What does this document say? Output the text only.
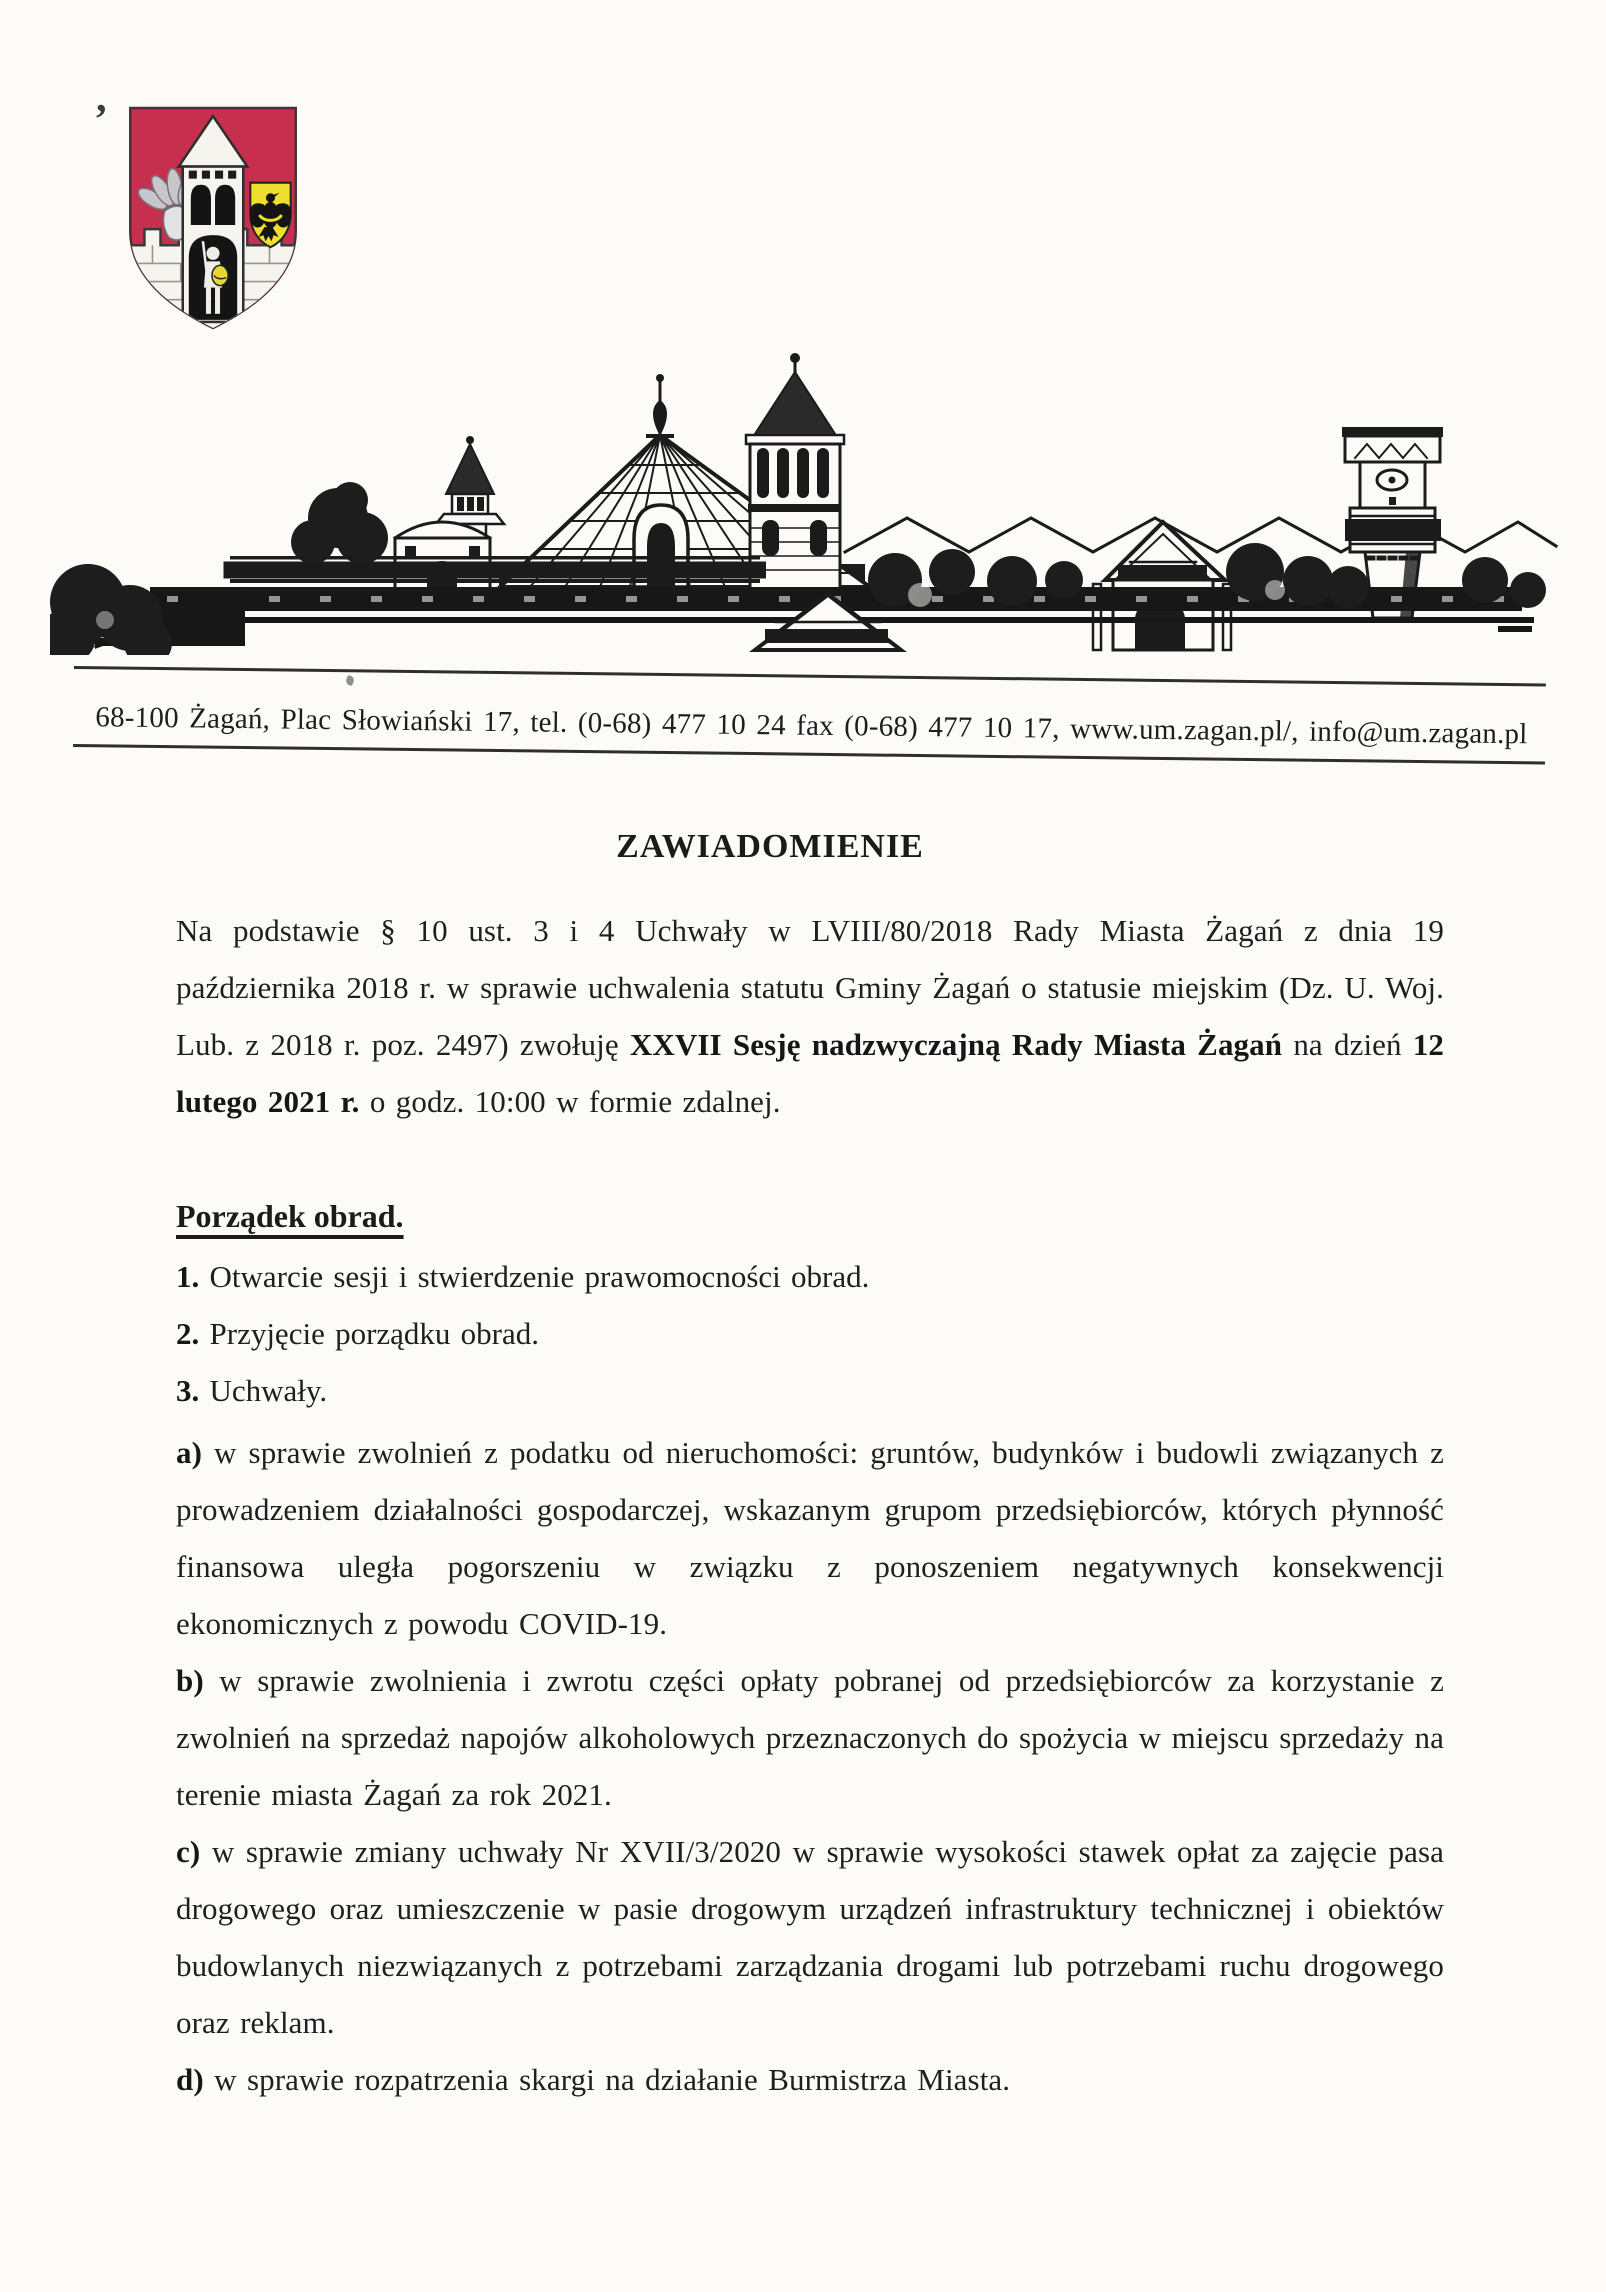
’
68-100 Żagań, Plac Słowiański 17, tel. (0-68) 477 10 24 fax (0-68) 477 10 17, www.um.zagan.pl/, info@um.zagan.pl
ZAWIADOMIENIE

Na podstawie § 10 ust. 3 i 4 Uchwały w LVIII/80/2018 Rady Miasta Żagań z dnia 19 października 2018 r. w sprawie uchwalenia statutu Gminy Żagań o statusie miejskim (Dz. U. Woj. Lub. z 2018 r. poz. 2497) zwołuję XXVII Sesję nadzwyczajną Rady Miasta Żagań na dzień 12 lutego 2021 r. o godz. 10:00 w formie zdalnej.

Porządek obrad.
1. Otwarcie sesji i stwierdzenie prawomocności obrad.
2. Przyjęcie porządku obrad.
3. Uchwały.

a) w sprawie zwolnień z podatku od nieruchomości: gruntów, budynków i budowli związanych z prowadzeniem działalności gospodarczej, wskazanym grupom przedsiębiorców, których płynność finansowa uległa pogorszeniu w związku z ponoszeniem negatywnych konsekwencji ekonomicznych z powodu COVID-19.

b) w sprawie zwolnienia i zwrotu części opłaty pobranej od przedsiębiorców za korzystanie z zwolnień na sprzedaż napojów alkoholowych przeznaczonych do spożycia w miejscu sprzedaży na terenie miasta Żagań za rok 2021.

c) w sprawie zmiany uchwały Nr XVII/3/2020 w sprawie wysokości stawek opłat za zajęcie pasa drogowego oraz umieszczenie w pasie drogowym urządzeń infrastruktury technicznej i obiektów budowlanych niezwiązanych z potrzebami zarządzania drogami lub potrzebami ruchu drogowego oraz reklam.

d) w sprawie rozpatrzenia skargi na działanie Burmistrza Miasta.
